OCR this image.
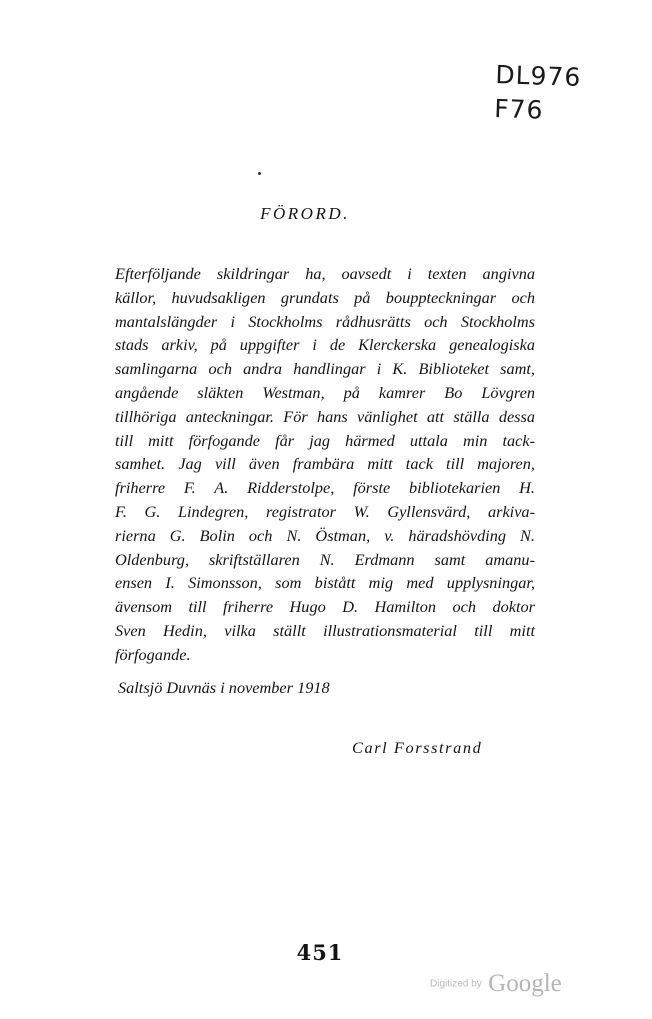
DL976
F76
FÖRORD.
Efterföljande skildringar ha, oavsedt i texten angivna
källor, huvudsakligen grundats på bouppteckningar och
mantalslängder i Stockholms rådhusrätts och Stockholms
stads arkiv, på uppgifter i de Klerckerska genealogiska
samlingarna och andra handlingar i K. Biblioteket samt,
angående släkten Westman, på kamrer Bo Lövgren
tillhöriga anteckningar. För hans vänlighet att ställa dessa
till mitt förfogande får jag härmed uttala min tack-
samhet. Jag vill även frambära mitt tack till majoren,
friherre F. A. Ridderstolpe, förste bibliotekarien H.
F. G. Lindegren, registrator W. Gyllensvärd, arkiva-
rierna G. Bolin och N. Östman, v. häradshövding N.
Oldenburg, skriftställaren N. Erdmann samt amanu-
ensen I. Simonsson, som bistått mig med upplysningar,
ävensom till friherre Hugo D. Hamilton och doktor
Sven Hedin, vilka ställt illustrationsmaterial till mitt
förfogande.
Saltsjö Duvnäs i november 1918
Carl Forsstrand
451
Digitized by Google
